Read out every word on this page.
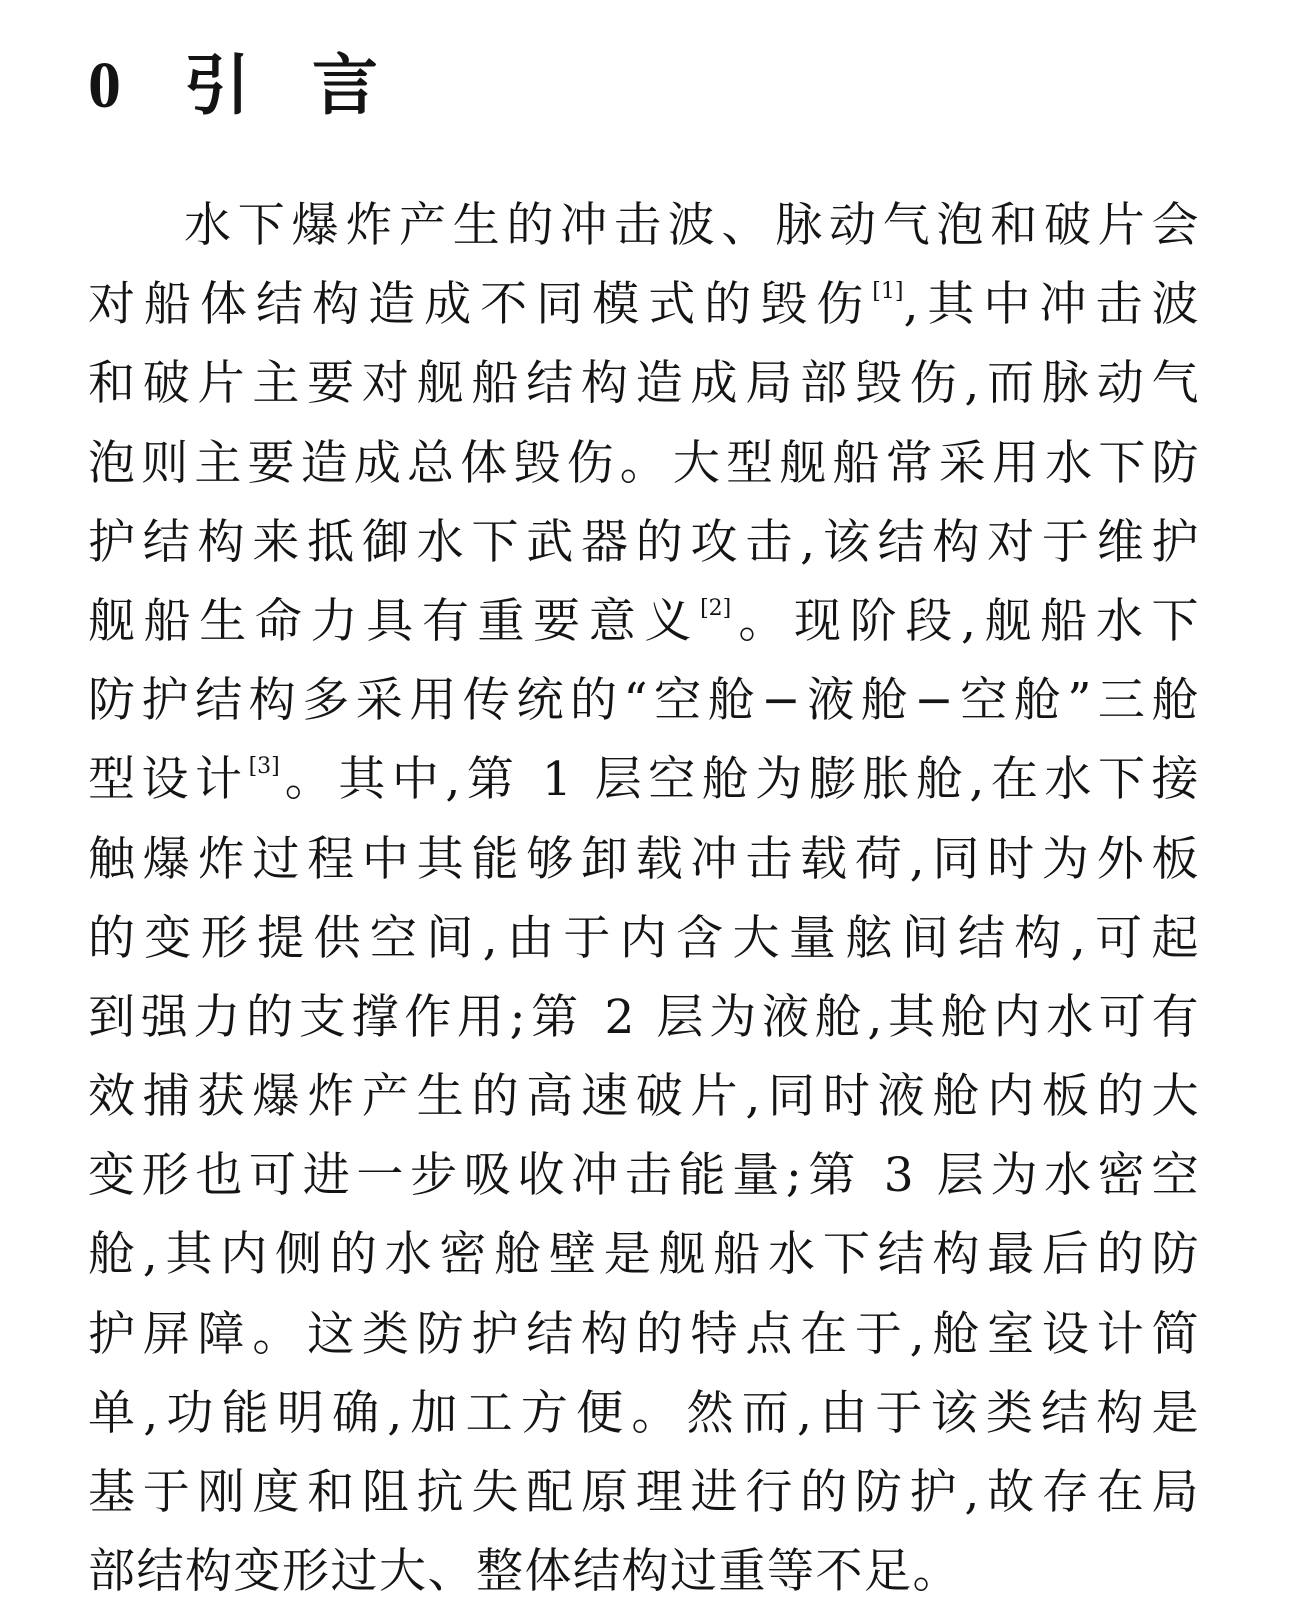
0 引言
水下爆炸产生的冲击波、脉动气泡和破片会
对船体结构造成不同模式的毁伤[1],其中冲击波
和破片主要对舰船结构造成局部毁伤,而脉动气
泡则主要造成总体毁伤。大型舰船常采用水下防
护结构来抵御水下武器的攻击,该结构对于维护
舰船生命力具有重要意义[2]。现阶段,舰船水下
防护结构多采用传统的“空舱−液舱−空舱”三舱
型设计[3]。其中,第 1 层空舱为膨胀舱,在水下接
触爆炸过程中其能够卸载冲击载荷,同时为外板
的变形提供空间,由于内含大量舷间结构,可起
到强力的支撑作用;第 2 层为液舱,其舱内水可有
效捕获爆炸产生的高速破片,同时液舱内板的大
变形也可进一步吸收冲击能量;第 3 层为水密空
舱,其内侧的水密舱壁是舰船水下结构最后的防
护屏障。这类防护结构的特点在于,舱室设计简
单,功能明确,加工方便。然而,由于该类结构是
基于刚度和阻抗失配原理进行的防护,故存在局
部结构变形过大、整体结构过重等不足。
